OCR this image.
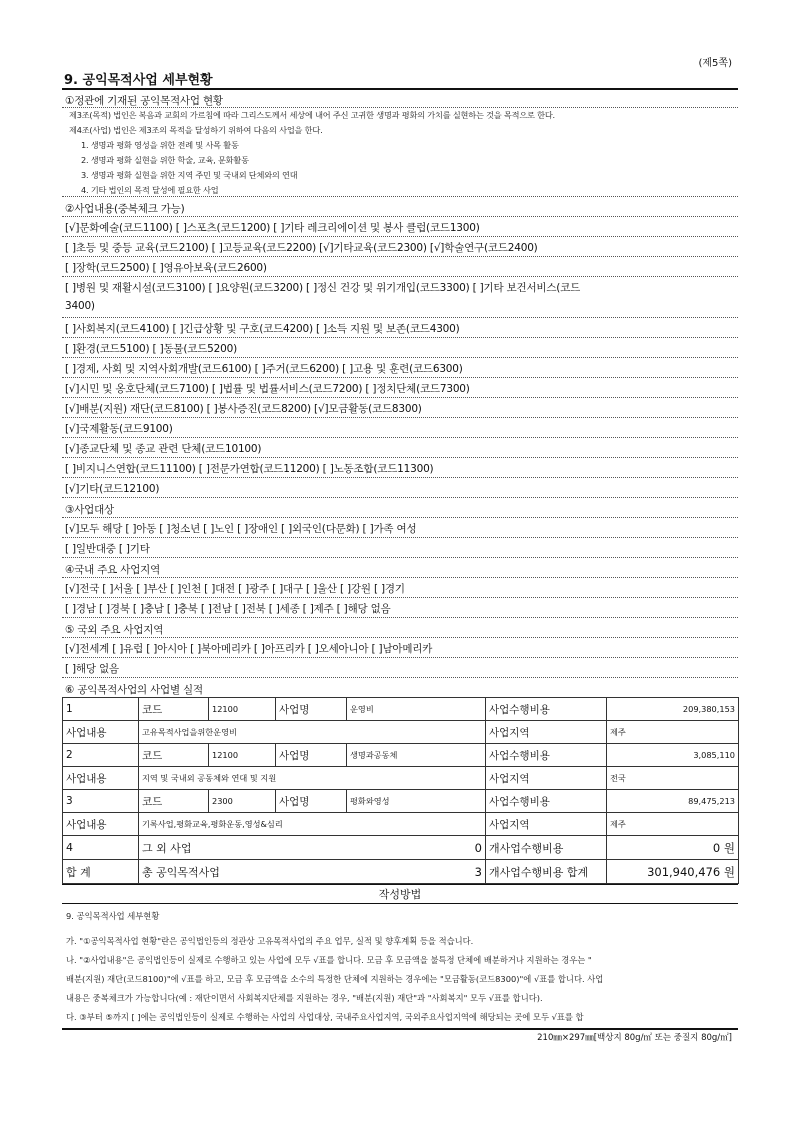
(제5쪽)
9. 공익목적사업 세부현황
①정관에 기재된 공익목적사업 현황
제3조(목적) 법인은 복음과 교회의 가르침에 따라 그리스도께서 세상에 내어 주신 고귀한 생명과 평화의 가치를 실현하는 것을 목적으로 한다.
제4조(사업) 법인은 제3조의 목적을 달성하기 위하여 다음의 사업을 한다.
1. 생명과 평화 영성을 위한 전례 및 사목 활동
2. 생명과 평화 실현을 위한 학술, 교육, 문화활동
3. 생명과 평화 실현을 위한 지역 주민 및 국내외 단체와의 연대
4. 기타 법인의 목적 달성에 필요한 사업
②사업내용(중복체크 가능)
[√]문화예술(코드1100) [ ]스포츠(코드1200) [ ]기타 레크리에이션 및 봉사 클럽(코드1300)
[ ]초등 및 중등 교육(코드2100) [ ]고등교육(코드2200) [√]기타교육(코드2300) [√]학술연구(코드2400)
[ ]장학(코드2500) [ ]영유아보육(코드2600)
[ ]병원 및 재활시설(코드3100) [ ]요양원(코드3200) [ ]정신 건강 및 위기개입(코드3300) [ ]기타 보건서비스(코드
3400)
[ ]사회복지(코드4100) [ ]긴급상황 및 구호(코드4200) [ ]소득 지원 및 보존(코드4300)
[ ]환경(코드5100) [ ]동물(코드5200)
[ ]경제, 사회 및 지역사회개발(코드6100) [ ]주거(코드6200) [ ]고용 및 훈련(코드6300)
[√]시민 및 옹호단체(코드7100) [ ]법률 및 법률서비스(코드7200) [ ]정치단체(코드7300)
[√]배분(지원) 재단(코드8100) [ ]봉사증진(코드8200) [√]모금활동(코드8300)
[√]국제활동(코드9100)
[√]종교단체 및 종교 관련 단체(코드10100)
[ ]비지니스연합(코드11100) [ ]전문가연합(코드11200) [ ]노동조합(코드11300)
[√]기타(코드12100)
③사업대상
[√]모두 해당 [ ]아동 [ ]청소년 [ ]노인 [ ]장애인 [ ]외국인(다문화) [ ]가족 여성
[ ]일반대중 [ ]기타
④국내 주요 사업지역
[√]전국 [ ]서울 [ ]부산 [ ]인천 [ ]대전 [ ]광주 [ ]대구 [ ]울산 [ ]강원 [ ]경기
[ ]경남 [ ]경북 [ ]충남 [ ]충북 [ ]전남 [ ]전북 [ ]세종 [ ]제주 [ ]해당 없음
⑤ 국외 주요 사업지역
[√]전세계 [ ]유럽 [ ]아시아 [ ]북아메리카 [ ]아프리카 [ ]오세아니아 [ ]남아메리카
[ ]해당 없음
⑥ 공익목적사업의 사업별 실적
1	코드	12100	사업명	운영비	사업수행비용	209,380,153
사업내용	고유목적사업을위한운영비				사업지역	제주
2	코드	12100	사업명	생명과공동체	사업수행비용	3,085,110
사업내용	지역 및 국내외 공동체와 연대 및 지원				사업지역	전국
3	코드	2300	사업명	평화와영성	사업수행비용	89,475,213
사업내용	기록사업,평화교육,평화운동,영성&심리				사업지역	제주
4	그 외 사업		0		개사업수행비용	0 원
합 계	총 공익목적사업		3		개사업수행비용 합계	301,940,476 원
작성방법
9. 공익목적사업 세부현황
가. "①공익목적사업 현황"란은 공익법인등의 정관상 고유목적사업의 주요 업무, 실적 및 향후계획 등을 적습니다.
나. "②사업내용"은 공익법인등이 실제로 수행하고 있는 사업에 모두 √표를 합니다. 모금 후 모금액을 불특정 단체에 배분하거나 지원하는 경우는 "
배분(지원) 재단(코드8100)"에 √표를 하고, 모금 후 모금액을 소수의 특정한 단체에 지원하는 경우에는 "모금활동(코드8300)"에 √표를 합니다. 사업
내용은 중복체크가 가능합니다(예 : 재단이면서 사회복지단체를 지원하는 경우, "배분(지원) 재단"과 "사회복지" 모두 √표를 합니다).
다. ③부터 ⑤까지 [ ]에는 공익법인등이 실제로 수행하는 사업의 사업대상, 국내주요사업지역, 국외주요사업지역에 해당되는 곳에 모두 √표를 합
210㎜×297㎜[백상지 80g/㎡ 또는 중질지 80g/㎡]
